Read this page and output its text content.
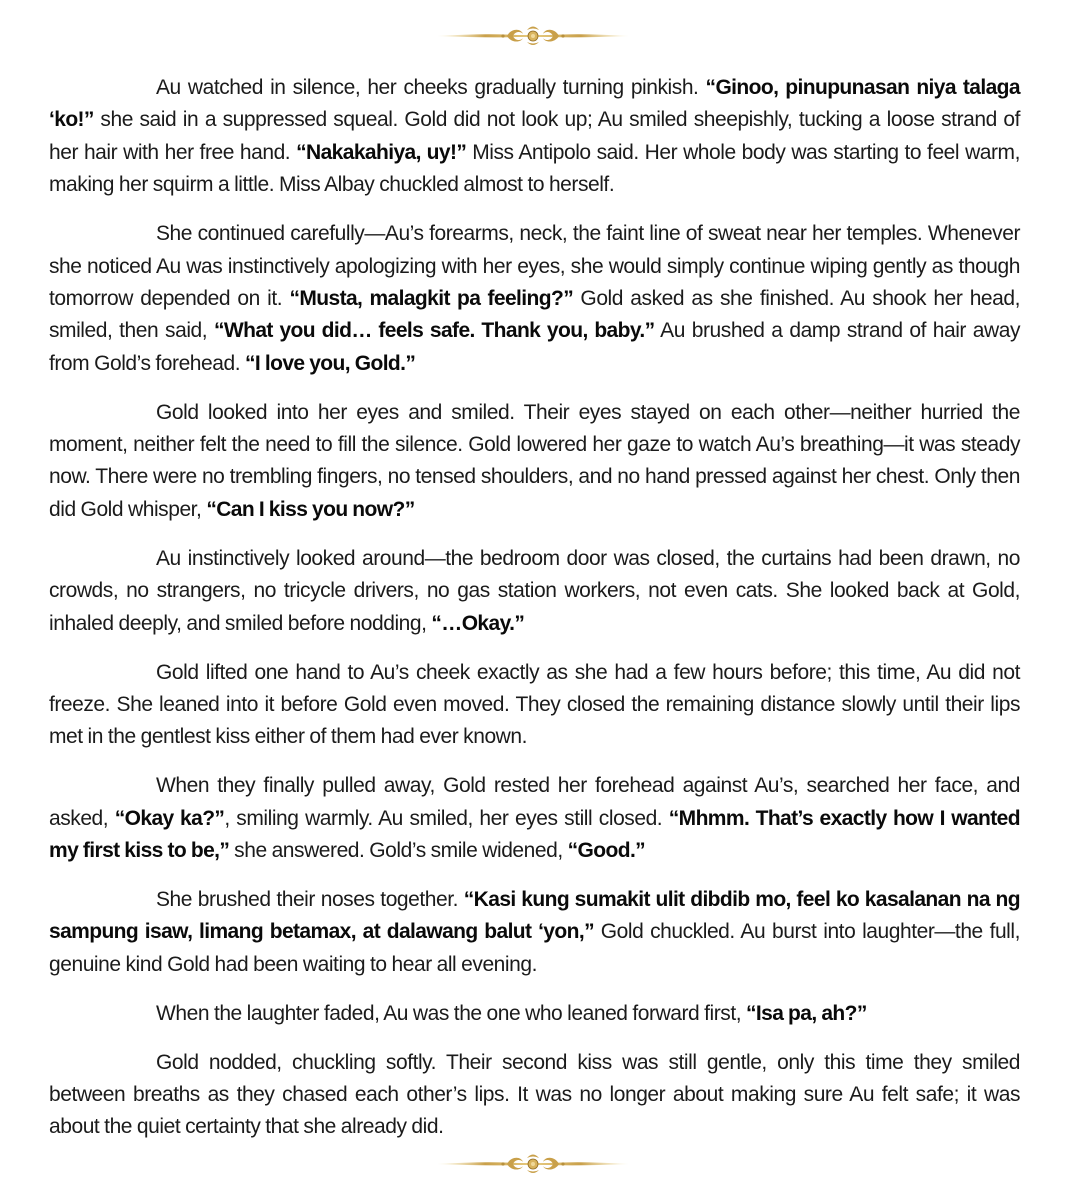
Au watched in silence, her cheeks gradually turning pinkish. “Ginoo, pinupunasan niya talaga ‘ko!” she said in a suppressed squeal. Gold did not look up; Au smiled sheepishly, tucking a loose strand of her hair with her free hand. “Nakakahiya, uy!” Miss Antipolo said. Her whole body was starting to feel warm, making her squirm a little. Miss Albay chuckled almost to herself.

She continued carefully—Au’s forearms, neck, the faint line of sweat near her temples. Whenever she noticed Au was instinctively apologizing with her eyes, she would simply continue wiping gently as though tomorrow depended on it. “Musta, malagkit pa feeling?” Gold asked as she finished. Au shook her head, smiled, then said, “What you did… feels safe. Thank you, baby.” Au brushed a damp strand of hair away from Gold’s forehead. “I love you, Gold.”

Gold looked into her eyes and smiled. Their eyes stayed on each other—neither hurried the moment, neither felt the need to fill the silence. Gold lowered her gaze to watch Au’s breathing—it was steady now. There were no trembling fingers, no tensed shoulders, and no hand pressed against her chest. Only then did Gold whisper, “Can I kiss you now?”

Au instinctively looked around—the bedroom door was closed, the curtains had been drawn, no crowds, no strangers, no tricycle drivers, no gas station workers, not even cats. She looked back at Gold, inhaled deeply, and smiled before nodding, “…Okay.”

Gold lifted one hand to Au’s cheek exactly as she had a few hours before; this time, Au did not freeze. She leaned into it before Gold even moved. They closed the remaining distance slowly until their lips met in the gentlest kiss either of them had ever known.

When they finally pulled away, Gold rested her forehead against Au’s, searched her face, and asked, “Okay ka?”, smiling warmly. Au smiled, her eyes still closed. “Mhmm. That’s exactly how I wanted my first kiss to be,” she answered. Gold’s smile widened, “Good.”

She brushed their noses together. “Kasi kung sumakit ulit dibdib mo, feel ko kasalanan na ng sampung isaw, limang betamax, at dalawang balut ‘yon,” Gold chuckled. Au burst into laughter—the full, genuine kind Gold had been waiting to hear all evening.

When the laughter faded, Au was the one who leaned forward first, “Isa pa, ah?”

Gold nodded, chuckling softly. Their second kiss was still gentle, only this time they smiled between breaths as they chased each other’s lips. It was no longer about making sure Au felt safe; it was about the quiet certainty that she already did.
